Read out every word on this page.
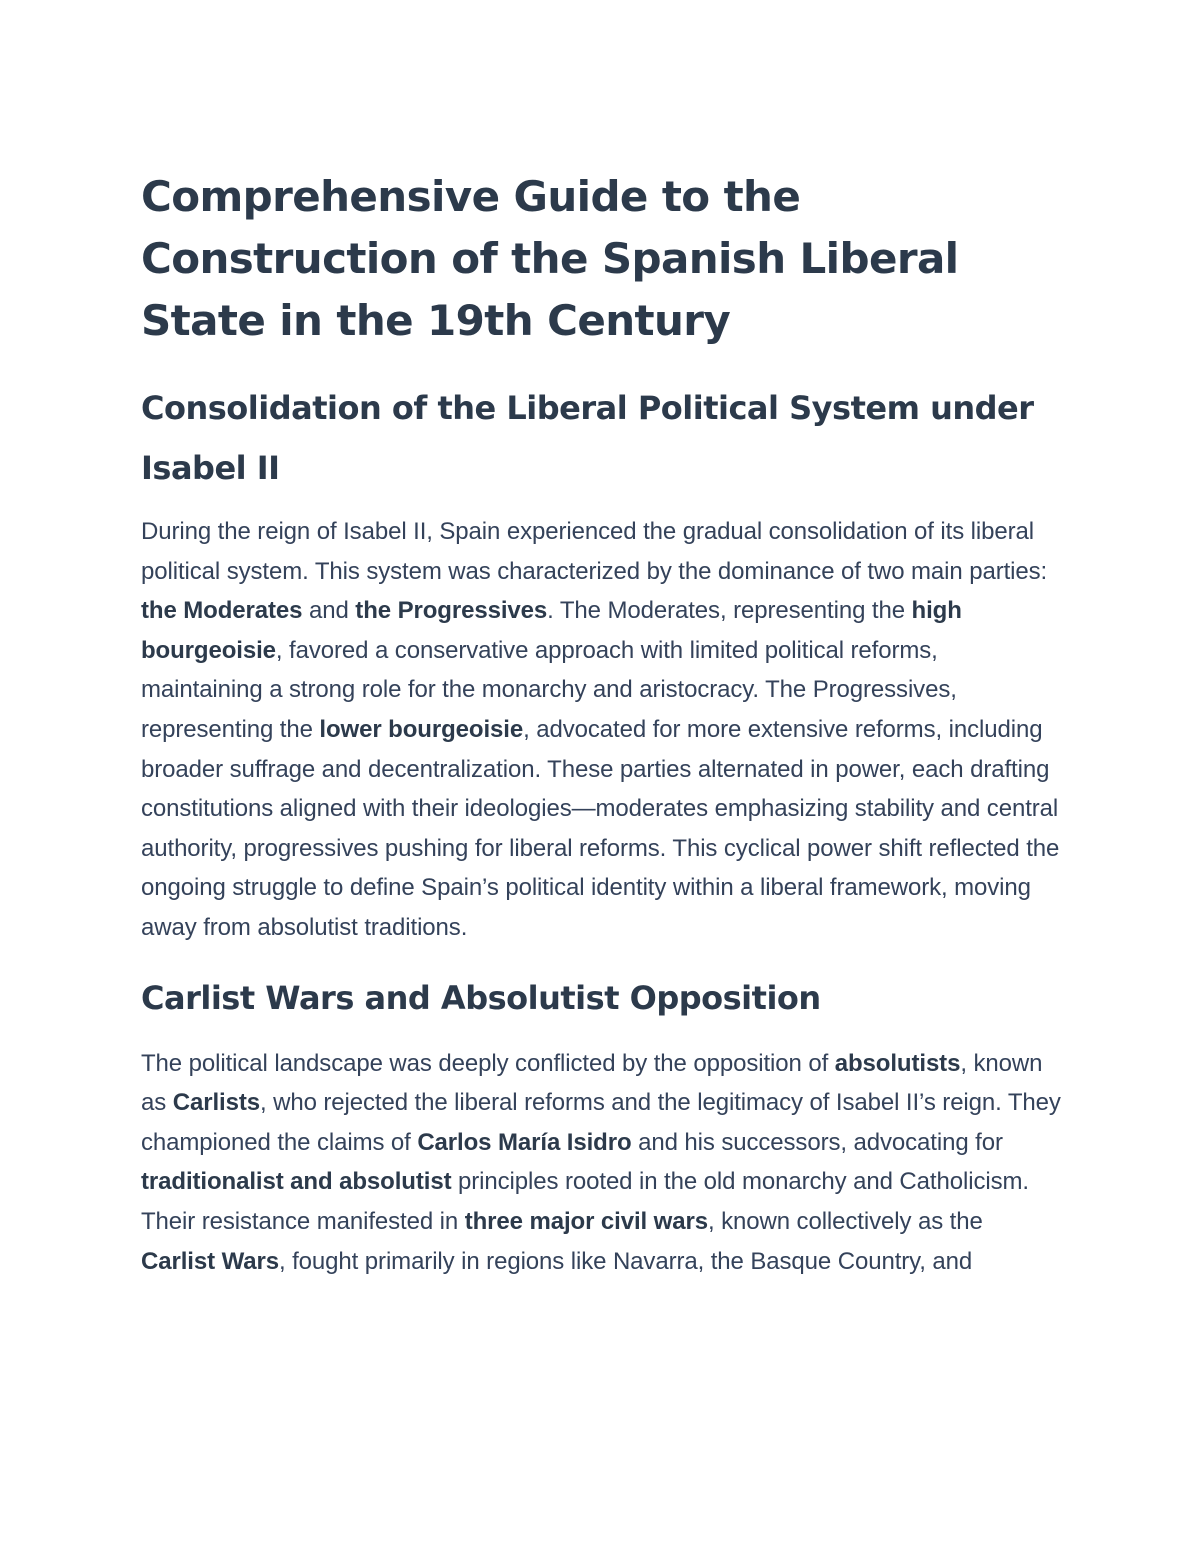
Comprehensive Guide to the Construction of the Spanish Liberal State in the 19th Century
Consolidation of the Liberal Political System under Isabel II

During the reign of Isabel II, Spain experienced the gradual consolidation of its liberal political system. This system was characterized by the dominance of two main parties: the Moderates and the Progressives. The Moderates, representing the high bourgeoisie, favored a conservative approach with limited political reforms, maintaining a strong role for the monarchy and aristocracy. The Progressives, representing the lower bourgeoisie, advocated for more extensive reforms, including broader suffrage and decentralization. These parties alternated in power, each drafting constitutions aligned with their ideologies—moderates emphasizing stability and central authority, progressives pushing for liberal reforms. This cyclical power shift reflected the ongoing struggle to define Spain’s political identity within a liberal framework, moving away from absolutist traditions.

Carlist Wars and Absolutist Opposition

The political landscape was deeply conflicted by the opposition of absolutists, known as Carlists, who rejected the liberal reforms and the legitimacy of Isabel II’s reign. They championed the claims of Carlos María Isidro and his successors, advocating for traditionalist and absolutist principles rooted in the old monarchy and Catholicism. Their resistance manifested in three major civil wars, known collectively as the Carlist Wars, fought primarily in regions like Navarra, the Basque Country, and
